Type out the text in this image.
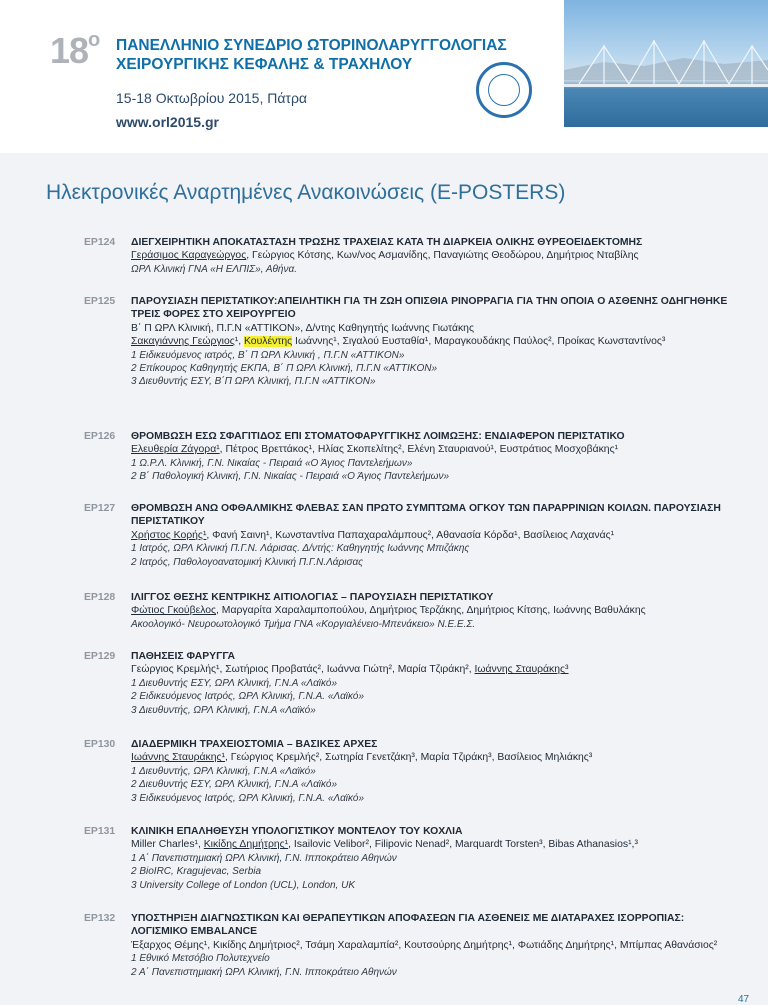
$18^o$ ΠΑΝΕΛΛΗΝΙΟ ΣΥΝΕΔΡΙΟ ΩΤΟΡΙΝΟΛΑΡΥΓΓΟΛΟΓΙΑΣ
ΧΕΙΡΟΥΡΓΙΚΗΣ ΚΕΦΑΛΗΣ & ΤΡΑΧΗΛΟΥ
15-18 Οκτωβρίου 2015, Πάτρα
www.orl2015.gr
Ηλεκτρονικές Αναρτημένες Ανακοινώσεις (E-POSTERS)
EP124 ΔΙΕΓΧΕΙΡΗΤΙΚΗ ΑΠΟΚΑΤΑΣΤΑΣΗ ΤΡΩΣΗΣ ΤΡΑΧΕΙΑΣ ΚΑΤΑ ΤΗ ΔΙΑΡΚΕΙΑ ΟΛΙΚΗΣ ΘΥΡΕΟΕΙΔΕΚΤΟΜΗΣ
Γεράσιμος Καραγεώργος, Γεώργιος Κότσης, Κων/νος Ασμανίδης, Παναγιώτης Θεοδώρου, Δημήτριος Νταβίλης
ΩΡΛ Κλινική ΓΝΑ «Η ΕΛΠΙΣ», Αθήνα.
EP125 ΠΑΡΟΥΣΙΑΣΗ ΠΕΡΙΣΤΑΤΙΚΟΥ:ΑΠΕΙΛΗΤΙΚΗ ΓΙΑ ΤΗ ΖΩΗ ΟΠΙΣΘΙΑ ΡΙΝΟΡΡΑΓΙΑ ΓΙΑ ΤΗΝ ΟΠΟΙΑ Ο ΑΣΘΕΝΗΣ ΟΔΗΓΗΘΗΚΕ ΤΡΕΙΣ ΦΟΡΕΣ ΣΤΟ ΧΕΙΡΟΥΡΓΕΙΟ
Β΄ Π ΩΡΛ Κλινική, Π.Γ.Ν «ΑΤΤΙΚΟΝ», Δ/ντης Καθηγητής Ιωάννης Γιωτάκης
Σακαγιάννης Γεώργιος¹, Κουλέντης Ιωάννης¹, Σιγαλού Ευσταθία¹, Μαραγκουδάκης Παύλος², Προίκας Κωνσταντίνος³
1 Ειδικευόμενος ιατρός, Β΄ Π ΩΡΛ Κλινική , Π.Γ.Ν «ATTIKON»
2 Επίκουρος Καθηγητής ΕΚΠΑ, Β΄ Π ΩΡΛ Κλινική, Π.Γ.Ν «ATTIKON»
3 Διευθυντής ΕΣΥ, Β΄Π ΩΡΛ Κλινική, Π.Γ.Ν «ATTIKON»
EP126 ΘΡΟΜΒΩΣΗ ΕΣΩ ΣΦΑΓΙΤΙΔΟΣ ΕΠΙ ΣΤΟΜΑΤΟΦΑΡΥΓΓΙΚΗΣ ΛΟΙΜΩΞΗΣ: ΕΝΔΙΑΦΕΡΟΝ ΠΕΡΙΣΤΑΤΙΚΟ
Ελευθερία Ζάγορα¹, Πέτρος Βρεττάκος¹, Ηλίας Σκοπελίτης², Ελένη Σταυριανού¹, Ευστράτιος Μοσχοβάκης¹
1 Ω.Ρ.Λ. Κλινική, Γ.Ν. Νικαίας - Πειραιά «Ο Άγιος Παντελεήμων»
2 Β΄ Παθολογική Κλινική, Γ.Ν. Νικαίας - Πειραιά «Ο Άγιος Παντελεήμων»
EP127 ΘΡΟΜΒΩΣΗ ΑΝΩ ΟΦΘΑΛΜΙΚΗΣ ΦΛΕΒΑΣ ΣΑΝ ΠΡΩΤΟ ΣΥΜΠΤΩΜΑ ΟΓΚΟΥ ΤΩΝ ΠΑΡΑΡΡΙΝΙΩΝ ΚΟΙΛΩΝ. ΠΑΡΟΥΣΙΑΣΗ ΠΕΡΙΣΤΑΤΙΚΟΥ
Χρήστος Κορής¹, Φανή Σαινη¹, Κωνσταντίνα Παπαχαραλάμπους², Αθανασία Κόρδα¹, Βασίλειος Λαχανάς¹
1 Ιατρός, ΩΡΛ Κλινική Π.Γ.Ν. Λάρισας. Δ/ντής: Καθηγητής Ιωάννης Μπιζάκης
2 Ιατρός, Παθολογοανατομική Κλινική Π.Γ.Ν.Λάρισας
EP128 ΙΛΙΓΓΟΣ ΘΕΣΗΣ ΚΕΝΤΡΙΚΗΣ ΑΙΤΙΟΛΟΓΙΑΣ – ΠΑΡΟΥΣΙΑΣΗ ΠΕΡΙΣΤΑΤΙΚΟΥ
Φώτιος Γκούβελος, Μαργαρίτα Χαραλαμποπούλου, Δημήτριος Τερζάκης, Δημήτριος Κίτσης, Ιωάννης Βαθυλάκης
Ακοολογικό- Νευροωτολογικό Τμήμα ΓΝΑ «Κοργιαλένειο-Μπενάκειο» Ν.Ε.Ε.Σ.
EP129 ΠΑΘΗΣΕΙΣ ΦΑΡΥΓΓΑ
Γεώργιος Κρεμλής¹, Σωτήριος Προβατάς², Ιωάννα Γιώτη², Μαρία Τζιράκη², Ιωάννης Σταυράκης³
1 Διευθυντής ΕΣΥ, ΩΡΛ Κλινική, Γ.Ν.Α «Λαϊκό»
2 Ειδικευόμενος Ιατρός, ΩΡΛ Κλινική, Γ.Ν.Α. «Λαϊκό»
3 Διευθυντής, ΩΡΛ Κλινική, Γ.Ν.Α «Λαϊκό»
EP130 ΔΙΑΔΕΡΜΙΚΗ ΤΡΑΧΕΙΟΣΤΟΜΙΑ – ΒΑΣΙΚΕΣ ΑΡΧΕΣ
Ιωάννης Σταυράκης¹, Γεώργιος Κρεμλής², Σωτηρία Γενετζάκη³, Μαρία Τζιράκη³, Βασίλειος Μηλιάκης³
1 Διευθυντής, ΩΡΛ Κλινική, Γ.Ν.Α «Λαϊκό»
2 Διευθυντής ΕΣΥ, ΩΡΛ Κλινική, Γ.Ν.Α «Λαϊκό»
3 Ειδικευόμενος Ιατρός, ΩΡΛ Κλινική, Γ.Ν.Α. «Λαϊκό»
EP131 ΚΛΙΝΙΚΗ ΕΠΑΛΗΘΕΥΣΗ ΥΠΟΛΟΓΙΣΤΙΚΟΥ ΜΟΝΤΕΛΟΥ ΤΟΥ ΚΟΧΛΙΑ
Miller Charles¹, Κικίδης Δημήτρης¹, Isailovic Velibor², Filipovic Nenad², Marquardt Torsten³, Bibas Athanasios¹,³
1 Α΄ Πανεπιστημιακή ΩΡΛ Κλινική, Γ.Ν. Ιπποκράτειο Αθηνών
2 BioIRC, Kragujevac, Serbia
3 University College of London (UCL), London, UK
EP132 ΥΠΟΣΤΗΡΙΞΗ ΔΙΑΓΝΩΣΤΙΚΩΝ ΚΑΙ ΘΕΡΑΠΕΥΤΙΚΩΝ ΑΠΟΦΑΣΕΩΝ ΓΙΑ ΑΣΘΕΝΕΙΣ ΜΕ ΔΙΑΤΑΡΑΧΕΣ ΙΣΟΡΡΟΠΙΑΣ: ΛΟΓΙΣΜΙΚΟ EMBALANCE
Έξαρχος Θέμης¹, Κικίδης Δημήτριος², Τσάμη Χαραλαμπία², Κουτσούρης Δημήτρης¹, Φωτιάδης Δημήτρης¹, Μπίμπας Αθανάσιος²
1 Εθνικό Μετσόβιο Πολυτεχνείο
2 Α΄ Πανεπιστημιακή ΩΡΛ Κλινική, Γ.Ν. Ιπποκράτειο Αθηνών
47
